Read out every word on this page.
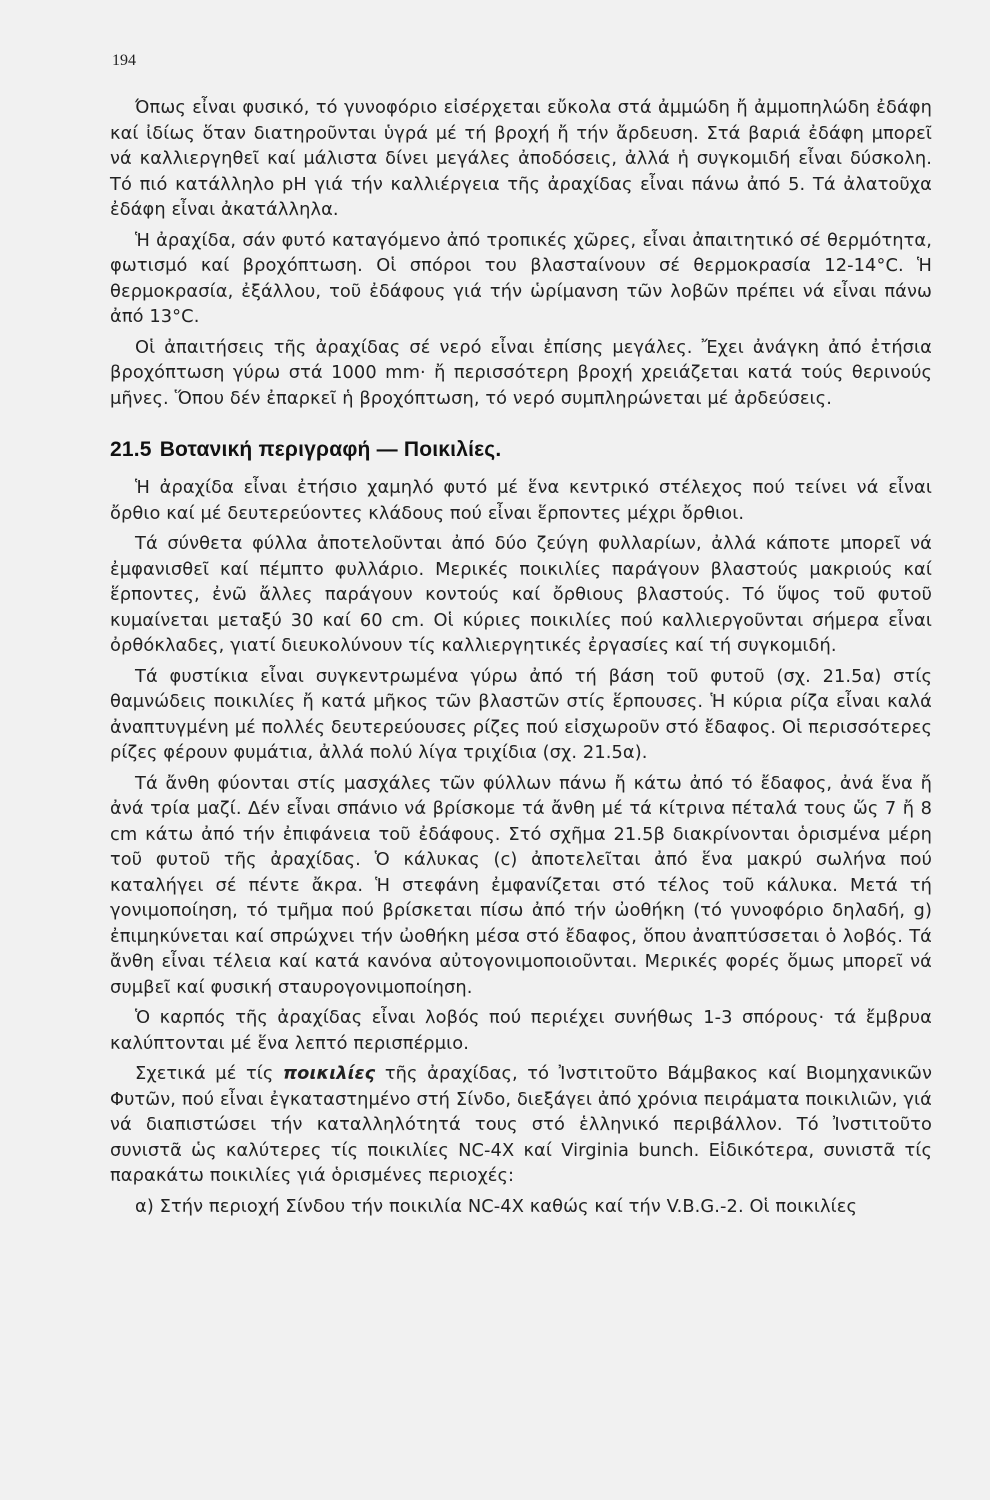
194

Όπως εἶναι φυσικό, τό γυνοφόριο εἰσέρχεται εὔκολα στά ἀμμώδη ἤ ἀμμοπηλώδη ἐδάφη καί ἰδίως ὅταν διατηροῦνται ὑγρά μέ τή βροχή ἤ τήν ἄρδευση. Στά βαριά ἐδάφη μπορεῖ νά καλλιεργηθεῖ καί μάλιστα δίνει μεγάλες ἀποδόσεις, ἀλλά ἡ συγκομιδή εἶναι δύσκολη. Τό πιό κατάλληλο pH γιά τήν καλλιέργεια τῆς ἀραχίδας εἶναι πάνω ἀπό 5. Τά ἀλατοῦχα ἐδάφη εἶναι ἀκατάλληλα.

Ἡ ἀραχίδα, σάν φυτό καταγόμενο ἀπό τροπικές χῶρες, εἶναι ἀπαιτητικό σέ θερμότητα, φωτισμό καί βροχόπτωση. Οἱ σπόροι του βλασταίνουν σέ θερμοκρασία 12-14°C. Ἡ θερμοκρασία, ἐξάλλου, τοῦ ἐδάφους γιά τήν ὡρίμανση τῶν λοβῶν πρέπει νά εἶναι πάνω ἀπό 13°C.

Οἱ ἀπαιτήσεις τῆς ἀραχίδας σέ νερό εἶναι ἐπίσης μεγάλες. Ἔχει ἀνάγκη ἀπό ἐτήσια βροχόπτωση γύρω στά 1000 mm· ἤ περισσότερη βροχή χρειάζεται κατά τούς θερινούς μῆνες. Ὅπου δέν ἐπαρκεῖ ἡ βροχόπτωση, τό νερό συμπληρώνεται μέ ἀρδεύσεις.

21.5 Βοτανική περιγραφή — Ποικιλίες.

Ἡ ἀραχίδα εἶναι ἐτήσιο χαμηλό φυτό μέ ἕνα κεντρικό στέλεχος πού τείνει νά εἶναι ὄρθιο καί μέ δευτερεύοντες κλάδους πού εἶναι ἕρποντες μέχρι ὄρθιοι.

Τά σύνθετα φύλλα ἀποτελοῦνται ἀπό δύο ζεύγη φυλλαρίων, ἀλλά κάποτε μπορεῖ νά ἐμφανισθεῖ καί πέμπτο φυλλάριο. Μερικές ποικιλίες παράγουν βλαστούς μακριούς καί ἕρποντες, ἐνῶ ἄλλες παράγουν κοντούς καί ὄρθιους βλαστούς. Τό ὕψος τοῦ φυτοῦ κυμαίνεται μεταξύ 30 καί 60 cm. Οἱ κύριες ποικιλίες πού καλλιεργοῦνται σήμερα εἶναι ὀρθόκλαδες, γιατί διευκολύνουν τίς καλλιεργητικές ἐργασίες καί τή συγκομιδή.

Τά φυστίκια εἶναι συγκεντρωμένα γύρω ἀπό τή βάση τοῦ φυτοῦ (σχ. 21.5α) στίς θαμνώδεις ποικιλίες ἤ κατά μῆκος τῶν βλαστῶν στίς ἕρπουσες. Ἡ κύρια ρίζα εἶναι καλά ἀναπτυγμένη μέ πολλές δευτερεύουσες ρίζες πού εἰσχωροῦν στό ἔδαφος. Οἱ περισσότερες ρίζες φέρουν φυμάτια, ἀλλά πολύ λίγα τριχίδια (σχ. 21.5α).

Τά ἄνθη φύονται στίς μασχάλες τῶν φύλλων πάνω ἤ κάτω ἀπό τό ἔδαφος, ἀνά ἕνα ἤ ἀνά τρία μαζί. Δέν εἶναι σπάνιο νά βρίσκομε τά ἄνθη μέ τά κίτρινα πέταλά τους ὥς 7 ἤ 8 cm κάτω ἀπό τήν ἐπιφάνεια τοῦ ἐδάφους. Στό σχῆμα 21.5β διακρίνονται ὁρισμένα μέρη τοῦ φυτοῦ τῆς ἀραχίδας. Ὁ κάλυκας (c) ἀποτελεῖται ἀπό ἕνα μακρύ σωλήνα πού καταλήγει σέ πέντε ἄκρα. Ἡ στεφάνη ἐμφανίζεται στό τέλος τοῦ κάλυκα. Μετά τή γονιμοποίηση, τό τμῆμα πού βρίσκεται πίσω ἀπό τήν ὠοθήκη (τό γυνοφόριο δηλαδή, g) ἐπιμηκύνεται καί σπρώχνει τήν ὠοθήκη μέσα στό ἔδαφος, ὅπου ἀναπτύσσεται ὁ λοβός. Τά ἄνθη εἶναι τέλεια καί κατά κανόνα αὐτογονιμοποιοῦνται. Μερικές φορές ὅμως μπορεῖ νά συμβεῖ καί φυσική σταυρογονιμοποίηση.

Ὁ καρπός τῆς ἀραχίδας εἶναι λοβός πού περιέχει συνήθως 1-3 σπόρους· τά ἔμβρυα καλύπτονται μέ ἕνα λεπτό περισπέρμιο.

Σχετικά μέ τίς ποικιλίες τῆς ἀραχίδας, τό Ἰνστιτοῦτο Βάμβακος καί Βιομηχανικῶν Φυτῶν, πού εἶναι ἐγκαταστημένο στή Σίνδο, διεξάγει ἀπό χρόνια πειράματα ποικιλιῶν, γιά νά διαπιστώσει τήν καταλληλότητά τους στό ἑλληνικό περιβάλλον. Τό Ἰνστιτοῦτο συνιστᾶ ὡς καλύτερες τίς ποικιλίες NC-4X καί Virginia bunch. Εἰδικότερα, συνιστᾶ τίς παρακάτω ποικιλίες γιά ὁρισμένες περιοχές:

α) Στήν περιοχή Σίνδου τήν ποικιλία NC-4X καθώς καί τήν V.B.G.-2. Οἱ ποικιλίες
